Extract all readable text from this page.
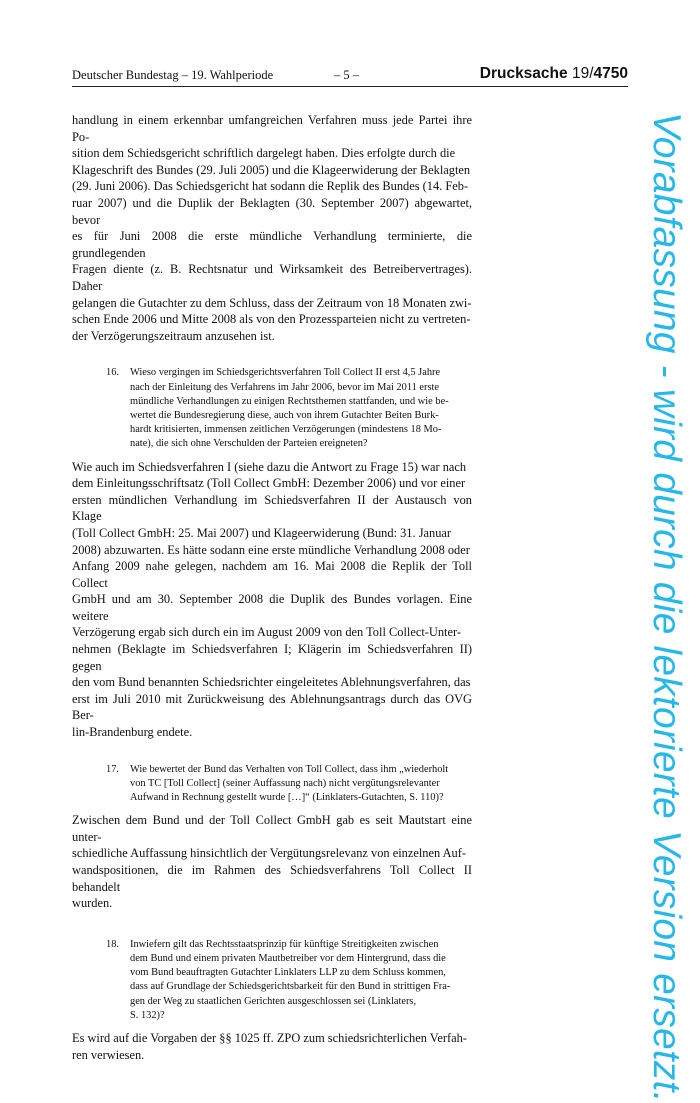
Deutscher Bundestag – 19. Wahlperiode	– 5 –	Drucksache 19/4750

handlung in einem erkennbar umfangreichen Verfahren muss jede Partei ihre Po-
sition dem Schiedsgericht schriftlich dargelegt haben. Dies erfolgte durch die
Klageschrift des Bundes (29. Juli 2005) und die Klageerwiderung der Beklagten
(29. Juni 2006). Das Schiedsgericht hat sodann die Replik des Bundes (14. Feb-
ruar 2007) und die Duplik der Beklagten (30. September 2007) abgewartet, bevor
es für Juni 2008 die erste mündliche Verhandlung terminierte, die grundlegenden
Fragen diente (z. B. Rechtsnatur und Wirksamkeit des Betreibervertrages). Daher
gelangen die Gutachter zu dem Schluss, dass der Zeitraum von 18 Monaten zwi-
schen Ende 2006 und Mitte 2008 als von den Prozessparteien nicht zu vertreten-
der Verzögerungszeitraum anzusehen ist.

16. Wieso vergingen im Schiedsgerichtsverfahren Toll Collect II erst 4,5 Jahre
nach der Einleitung des Verfahrens im Jahr 2006, bevor im Mai 2011 erste
mündliche Verhandlungen zu einigen Rechtsthemen stattfanden, und wie be-
wertet die Bundesregierung diese, auch von ihrem Gutachter Beiten Burk-
hardt kritisierten, immensen zeitlichen Verzögerungen (mindestens 18 Mo-
nate), die sich ohne Verschulden der Parteien ereigneten?

Wie auch im Schiedsverfahren I (siehe dazu die Antwort zu Frage 15) war nach
dem Einleitungsschriftsatz (Toll Collect GmbH: Dezember 2006) und vor einer
ersten mündlichen Verhandlung im Schiedsverfahren II der Austausch von Klage
(Toll Collect GmbH: 25. Mai 2007) und Klageerwiderung (Bund: 31. Januar
2008) abzuwarten. Es hätte sodann eine erste mündliche Verhandlung 2008 oder
Anfang 2009 nahe gelegen, nachdem am 16. Mai 2008 die Replik der Toll Collect
GmbH und am 30. September 2008 die Duplik des Bundes vorlagen. Eine weitere
Verzögerung ergab sich durch ein im August 2009 von den Toll Collect-Unter-
nehmen (Beklagte im Schiedsverfahren I; Klägerin im Schiedsverfahren II) gegen
den vom Bund benannten Schiedsrichter eingeleitetes Ablehnungsverfahren, das
erst im Juli 2010 mit Zurückweisung des Ablehnungsantrags durch das OVG Ber-
lin-Brandenburg endete.

17. Wie bewertet der Bund das Verhalten von Toll Collect, dass ihm „wiederholt
von TC [Toll Collect] (seiner Auffassung nach) nicht vergütungsrelevanter
Aufwand in Rechnung gestellt wurde […]“ (Linklaters-Gutachten, S. 110)?

Zwischen dem Bund und der Toll Collect GmbH gab es seit Mautstart eine unter-
schiedliche Auffassung hinsichtlich der Vergütungsrelevanz von einzelnen Auf-
wandspositionen, die im Rahmen des Schiedsverfahrens Toll Collect II behandelt
wurden.

18. Inwiefern gilt das Rechtsstaatsprinzip für künftige Streitigkeiten zwischen
dem Bund und einem privaten Mautbetreiber vor dem Hintergrund, dass die
vom Bund beauftragten Gutachter Linklaters LLP zu dem Schluss kommen,
dass auf Grundlage der Schiedsgerichtsbarkeit für den Bund in strittigen Fra-
gen der Weg zu staatlichen Gerichten ausgeschlossen sei (Linklaters,
S. 132)?

Es wird auf die Vorgaben der §§ 1025 ff. ZPO zum schiedsrichterlichen Verfah-
ren verwiesen.	Vorabfassung - wird durch die lektorierte Version ersetzt.
